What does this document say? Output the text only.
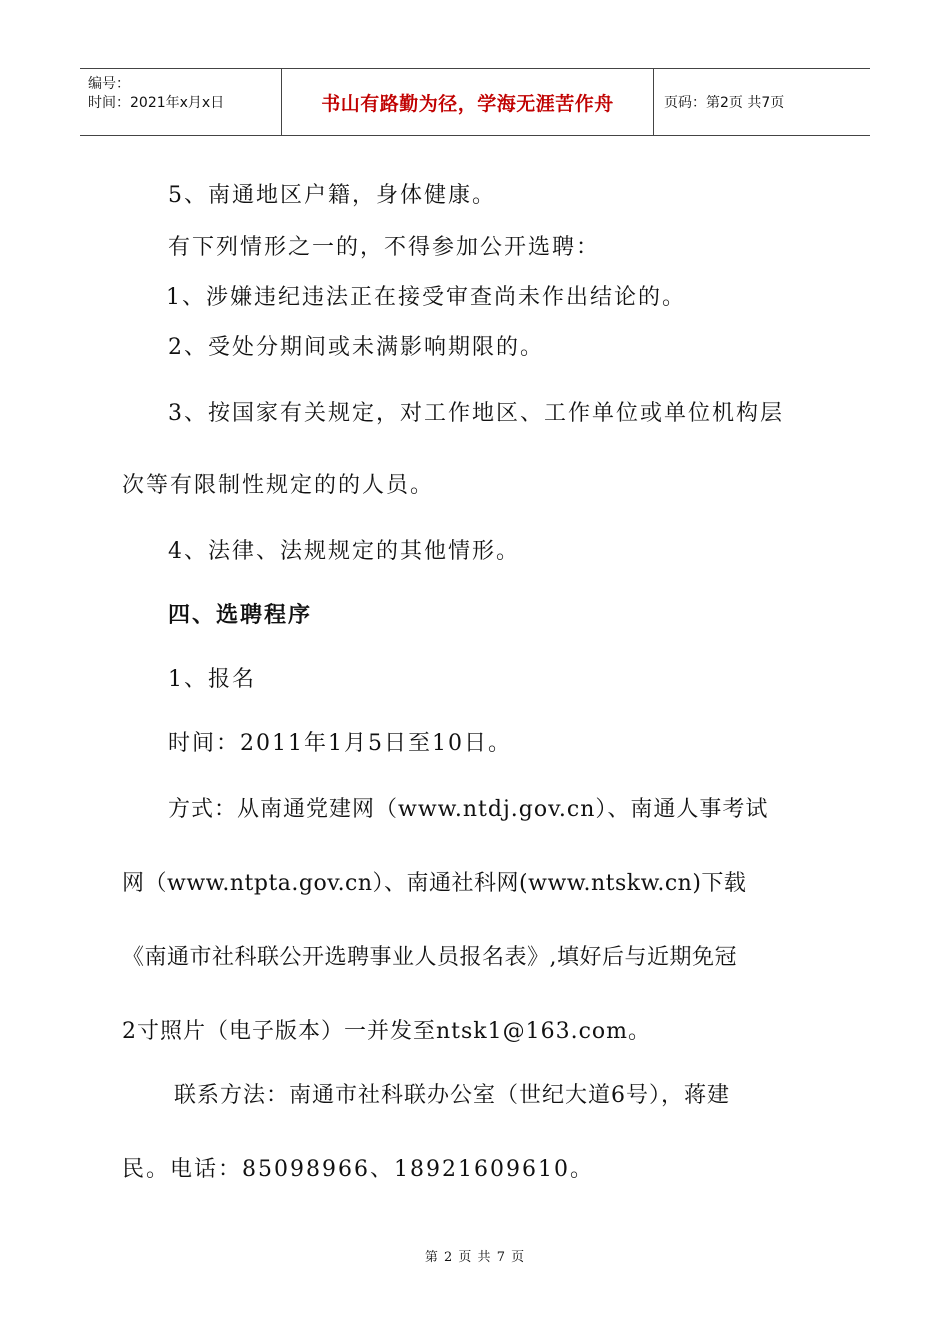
编号：
时间：2021年x月x日	书山有路勤为径，学海无涯苦作舟	页码：第2页 共7页
5、南通地区户籍，身体健康。
有下列情形之一的，不得参加公开选聘：
1、涉嫌违纪违法正在接受审查尚未作出结论的。
2、受处分期间或未满影响期限的。
3、按国家有关规定，对工作地区、工作单位或单位机构层
次等有限制性规定的的人员。
4、法律、法规规定的其他情形。
四、选聘程序
1、报名
时间：2011年1月5日至10日。
方式：从南通党建网（www.ntdj.gov.cn）、南通人事考试
网（www.ntpta.gov.cn）、南通社科网(www.ntskw.cn)下载
《南通市社科联公开选聘事业人员报名表》,填好后与近期免冠
2寸照片（电子版本）一并发至ntsk1@163.com。
联系方法：南通市社科联办公室（世纪大道6号），蒋建
民。电话：85098966、18921609610。
第 2 页 共 7 页
